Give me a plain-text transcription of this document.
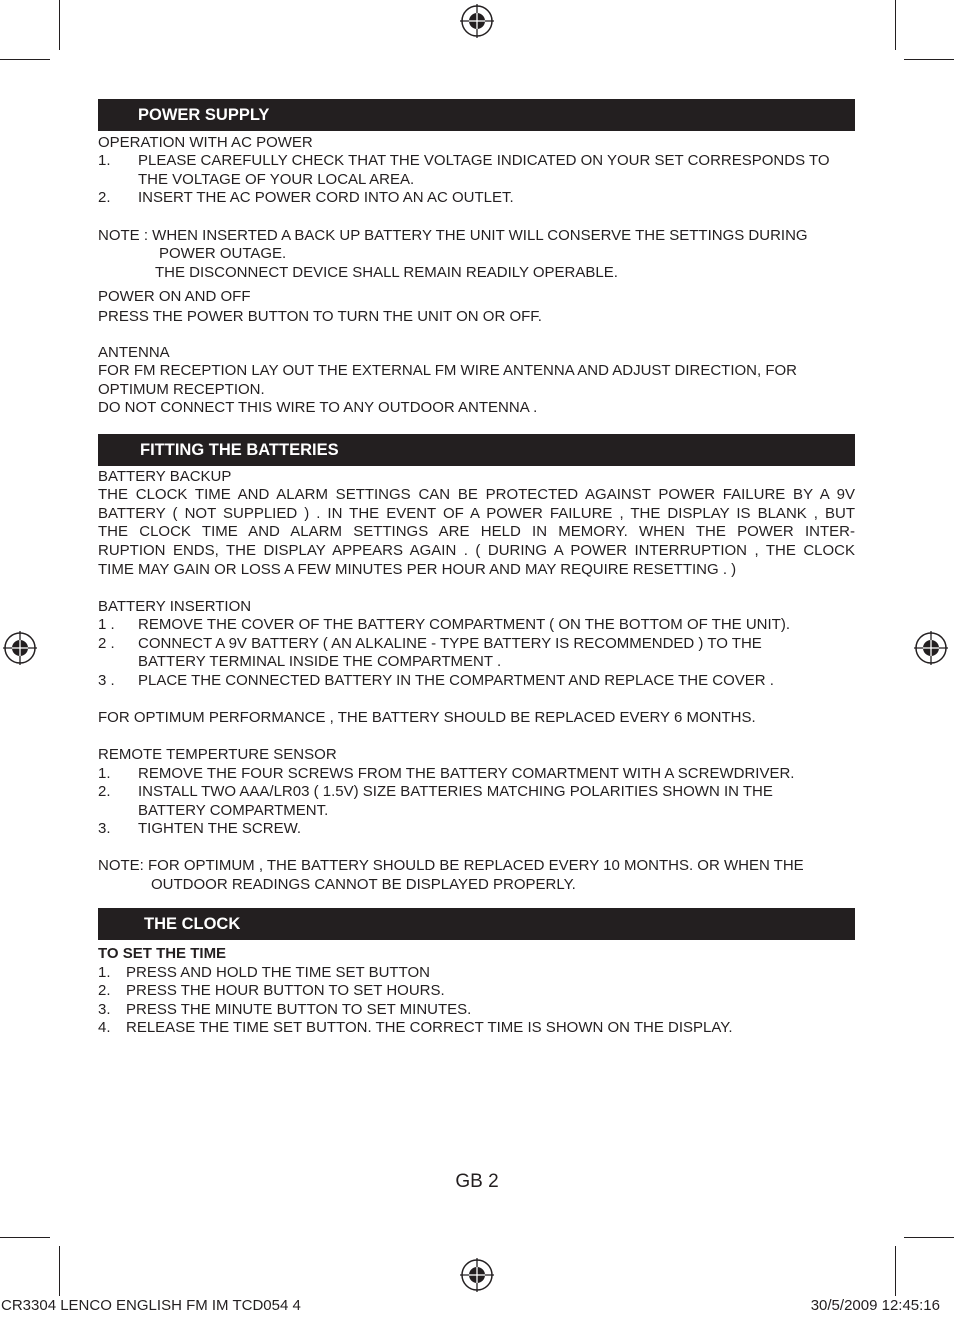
POWER SUPPLY
OPERATION WITH AC POWER
1. PLEASE CAREFULLY CHECK THAT THE VOLTAGE INDICATED ON YOUR SET CORRESPONDS TO
THE VOLTAGE OF YOUR LOCAL AREA.
2. INSERT THE AC POWER CORD INTO AN AC OUTLET.
NOTE : WHEN INSERTED A BACK UP BATTERY THE UNIT WILL CONSERVE THE SETTINGS DURING
POWER OUTAGE.
THE DISCONNECT DEVICE SHALL REMAIN READILY OPERABLE.
POWER ON AND OFF
PRESS THE POWER BUTTON TO TURN THE UNIT ON OR OFF.
ANTENNA
FOR FM RECEPTION LAY OUT THE EXTERNAL FM WIRE ANTENNA AND ADJUST DIRECTION, FOR
OPTIMUM RECEPTION.
DO NOT CONNECT THIS WIRE TO ANY OUTDOOR ANTENNA .
FITTING THE BATTERIES
BATTERY BACKUP
THE CLOCK TIME AND ALARM SETTINGS CAN BE PROTECTED AGAINST POWER FAILURE BY A 9V
BATTERY ( NOT SUPPLIED ) . IN THE EVENT OF A POWER FAILURE , THE DISPLAY IS BLANK , BUT
THE CLOCK TIME AND ALARM SETTINGS ARE HELD IN MEMORY. WHEN THE POWER INTER-
RUPTION ENDS, THE DISPLAY APPEARS AGAIN . ( DURING A POWER INTERRUPTION , THE CLOCK
TIME MAY GAIN OR LOSS A FEW MINUTES PER HOUR AND MAY REQUIRE RESETTING . )
BATTERY INSERTION
1 . REMOVE THE COVER OF THE BATTERY COMPARTMENT ( ON THE BOTTOM OF THE UNIT).
2 . CONNECT A 9V BATTERY ( AN ALKALINE - TYPE BATTERY IS RECOMMENDED ) TO THE
BATTERY TERMINAL INSIDE THE COMPARTMENT .
3 . PLACE THE CONNECTED BATTERY IN THE COMPARTMENT AND REPLACE THE COVER .
FOR OPTIMUM PERFORMANCE , THE BATTERY SHOULD BE REPLACED EVERY 6 MONTHS.
REMOTE TEMPERTURE SENSOR
1. REMOVE THE FOUR SCREWS FROM THE BATTERY COMARTMENT WITH A SCREWDRIVER.
2. INSTALL TWO AAA/LR03 ( 1.5V) SIZE BATTERIES MATCHING POLARITIES SHOWN IN THE
BATTERY COMPARTMENT.
3. TIGHTEN THE SCREW.
NOTE: FOR OPTIMUM , THE BATTERY SHOULD BE REPLACED EVERY 10 MONTHS. OR WHEN THE
OUTDOOR READINGS CANNOT BE DISPLAYED PROPERLY.
THE CLOCK
TO SET THE TIME
1. PRESS AND HOLD THE TIME SET BUTTON
2. PRESS THE HOUR BUTTON TO SET HOURS.
3. PRESS THE MINUTE BUTTON TO SET MINUTES.
4. RELEASE THE TIME SET BUTTON. THE CORRECT TIME IS SHOWN ON THE DISPLAY.
GB 2
CR3304 LENCO ENGLISH FM IM TCD054 4	30/5/2009 12:45:16
